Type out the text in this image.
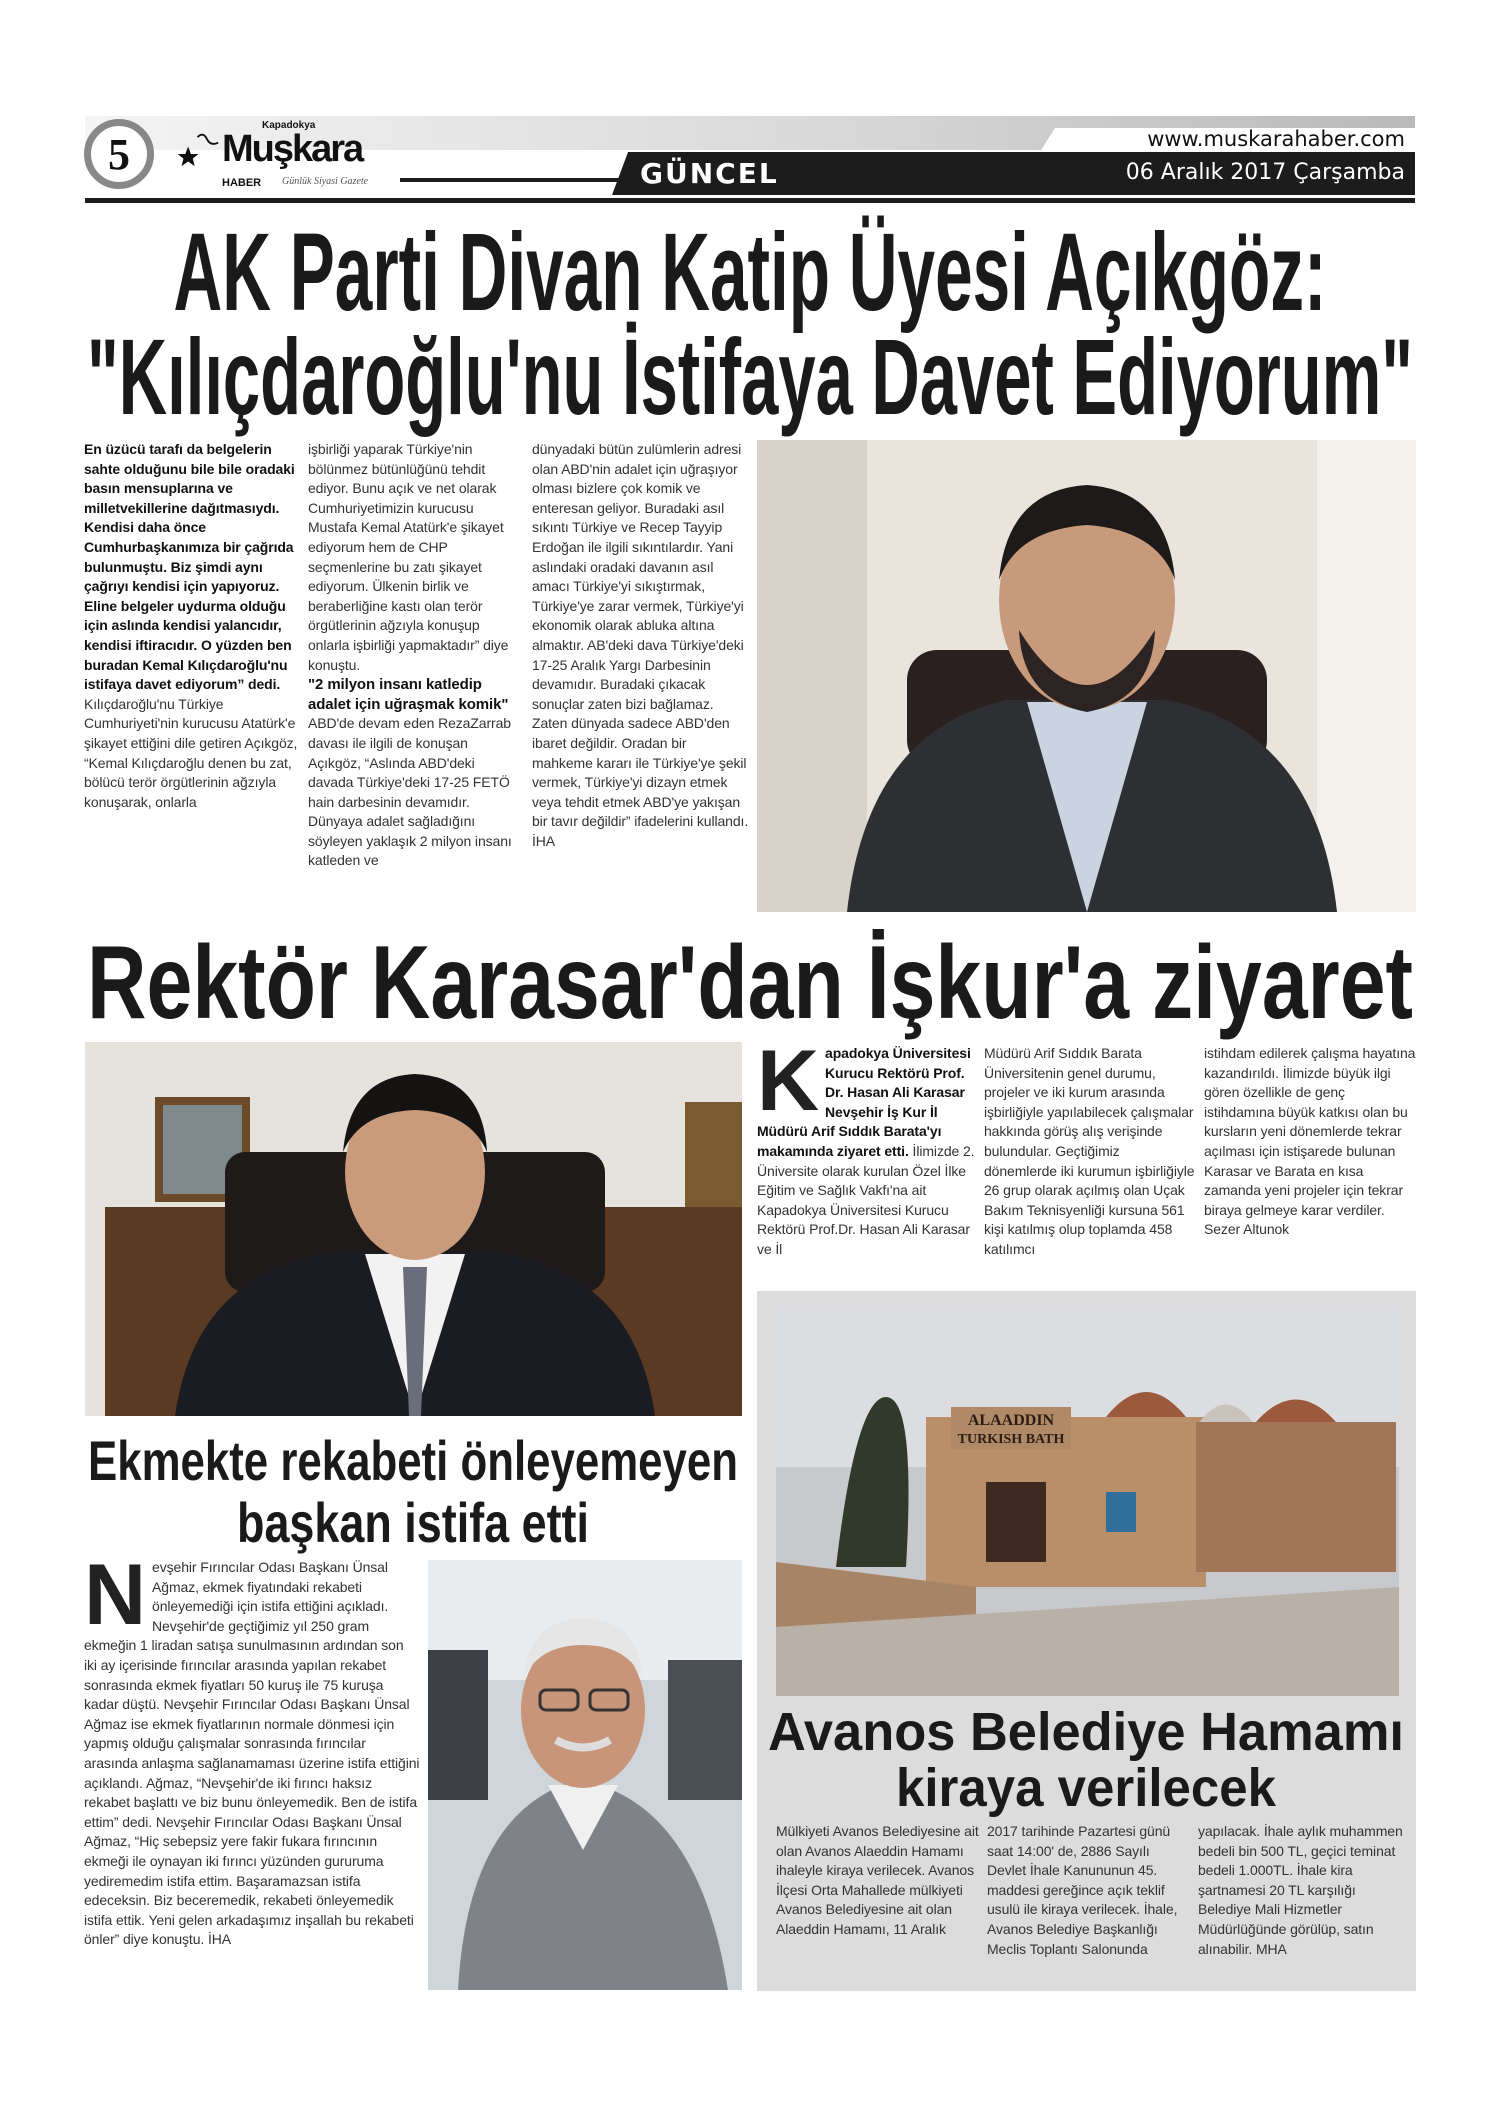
5
Kapadokya
Muşkara
HABER Günlük Siyasi Gazete	GÜNCEL
www.muskarahaber.com
06 Aralık 2017 Çarşamba
AK Parti Divan Katip Üyesi Açıkgöz:
"Kılıçdaroğlu'nu İstifaya Davet Ediyorum"
En üzücü tarafı da belgelerin sahte olduğunu bile bile oradaki basın mensuplarına ve milletvekillerine dağıtmasıydı. Kendisi daha önce Cumhurbaşkanımıza bir çağrıda bulunmuştu. Biz şimdi aynı çağrıyı kendisi için yapıyoruz. Eline belgeler uydurma olduğu için aslında kendisi yalancıdır, kendisi iftiracıdır. O yüzden ben buradan Kemal Kılıçdaroğlu'nu istifaya davet ediyorum” dedi. Kılıçdaroğlu'nu Türkiye Cumhuriyeti'nin kurucusu Atatürk'e şikayet ettiğini dile getiren Açıkgöz, “Kemal Kılıçdaroğlu denen bu zat, bölücü terör örgütlerinin ağzıyla konuşarak, onlarla
işbirliği yaparak Türkiye'nin bölünmez bütünlüğünü tehdit ediyor. Bunu açık ve net olarak Cumhuriyetimizin kurucusu Mustafa Kemal Atatürk'e şikayet ediyorum hem de CHP seçmenlerine bu zatı şikayet ediyorum. Ülkenin birlik ve beraberliğine kastı olan terör örgütlerinin ağzıyla konuşup onlarla işbirliği yapmaktadır” diye konuştu.
"2 milyon insanı katledip adalet için uğraşmak komik"
ABD'de devam eden RezaZarrab davası ile ilgili de konuşan Açıkgöz, “Aslında ABD'deki davada Türkiye'deki 17-25 FETÖ hain darbesinin devamıdır. Dünyaya adalet sağladığını söyleyen yaklaşık 2 milyon insanı katleden ve
dünyadaki bütün zulümlerin adresi olan ABD'nin adalet için uğraşıyor olması bizlere çok komik ve enteresan geliyor. Buradaki asıl sıkıntı Türkiye ve Recep Tayyip Erdoğan ile ilgili sıkıntılardır. Yani aslındaki oradaki davanın asıl amacı Türkiye'yi sıkıştırmak, Türkiye'ye zarar vermek, Türkiye'yi ekonomik olarak abluka altına almaktır. AB'deki dava Türkiye'deki 17-25 Aralık Yargı Darbesinin devamıdır. Buradaki çıkacak sonuçlar zaten bizi bağlamaz. Zaten dünyada sadece ABD'den ibaret değildir. Oradan bir mahkeme kararı ile Türkiye'ye şekil vermek, Türkiye'yi dizayn etmek veya tehdit etmek ABD'ye yakışan bir tavır değildir” ifadelerini kullandı. İHA
Rektör Karasar'dan İşkur'a ziyaret
K apadokya Üniversitesi Kurucu Rektörü Prof. Dr. Hasan Ali Karasar Nevşehir İş Kur İl Müdürü Arif Sıddık Barata'yı makamında ziyaret etti. İlimizde 2. Üniversite olarak kurulan Özel İlke Eğitim ve Sağlık Vakfı'na ait Kapadokya Üniversitesi Kurucu Rektörü Prof.Dr. Hasan Ali Karasar ve İl
Müdürü Arif Sıddık Barata Üniversitenin genel durumu, projeler ve iki kurum arasında işbirliğiyle yapılabilecek çalışmalar hakkında görüş alış verişinde bulundular. Geçtiğimiz dönemlerde iki kurumun işbirliğiyle 26 grup olarak açılmış olan Uçak Bakım Teknisyenliği kursuna 561 kişi katılmış olup toplamda 458 katılımcı
istihdam edilerek çalışma hayatına kazandırıldı. İlimizde büyük ilgi gören özellikle de genç istihdamına büyük katkısı olan bu kursların yeni dönemlerde tekrar açılması için istişarede bulunan Karasar ve Barata en kısa zamanda yeni projeler için tekrar biraya gelmeye karar verdiler. Sezer Altunok
Ekmekte rekabeti önleyemeyen
başkan istifa etti
N evşehir Fırıncılar Odası Başkanı Ünsal Ağmaz, ekmek fiyatındaki rekabeti önleyemediği için istifa ettiğini açıkladı. Nevşehir'de geçtiğimiz yıl 250 gram ekmeğin 1 liradan satışa sunulmasının ardından son iki ay içerisinde fırıncılar arasında yapılan rekabet sonrasında ekmek fiyatları 50 kuruş ile 75 kuruşa kadar düştü. Nevşehir Fırıncılar Odası Başkanı Ünsal Ağmaz ise ekmek fiyatlarının normale dönmesi için yapmış olduğu çalışmalar sonrasında fırıncılar arasında anlaşma sağlanamaması üzerine istifa ettiğini açıklandı. Ağmaz, “Nevşehir'de iki fırıncı haksız rekabet başlattı ve biz bunu önleyemedik. Ben de istifa ettim” dedi. Nevşehir Fırıncılar Odası Başkanı Ünsal Ağmaz, “Hiç sebepsiz yere fakir fukara fırıncının ekmeği ile oynayan iki fırıncı yüzünden gururuma yediremedim istifa ettim. Başaramazsan istifa edeceksin. Biz beceremedik, rekabeti önleyemedik istifa ettik. Yeni gelen arkadaşımız inşallah bu rekabeti önler” diye konuştu. İHA
ALAADDIN
TURKISH BATH
Avanos Belediye Hamamı
kiraya verilecek
Mülkiyeti Avanos Belediyesine ait olan Avanos Alaeddin Hamamı ihaleyle kiraya verilecek. Avanos İlçesi Orta Mahallede mülkiyeti Avanos Belediyesine ait olan Alaeddin Hamamı, 11 Aralık
2017 tarihinde Pazartesi günü saat 14:00' de, 2886 Sayılı Devlet İhale Kanununun 45. maddesi gereğince açık teklif usulü ile kiraya verilecek. İhale, Avanos Belediye Başkanlığı Meclis Toplantı Salonunda
yapılacak. İhale aylık muhammen bedeli bin 500 TL, geçici teminat bedeli 1.000TL. İhale kira şartnamesi 20 TL karşılığı Belediye Mali Hizmetler Müdürlüğünde görülüp, satın alınabilir. MHA
